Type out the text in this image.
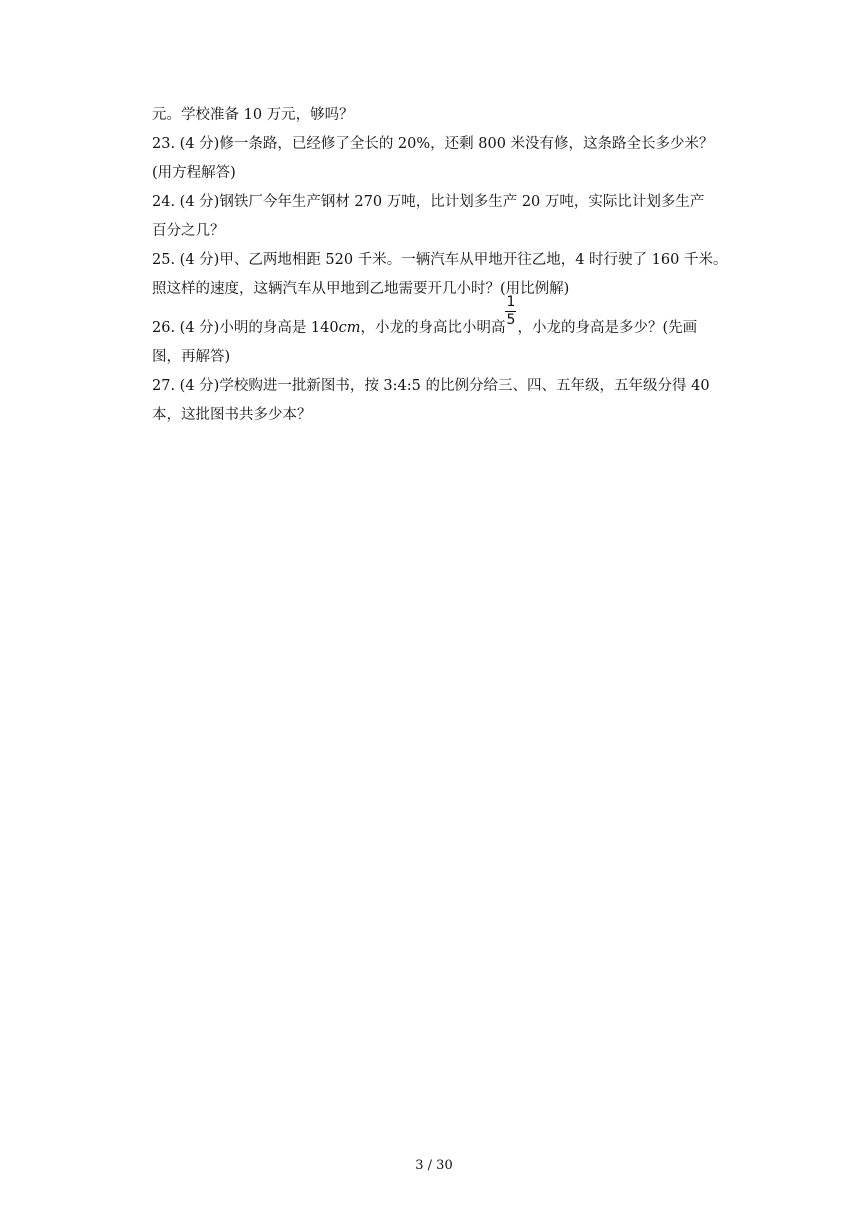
元。学校准备 10 万元，够吗？
23. (4 分)修一条路，已经修了全长的 20%，还剩 800 米没有修，这条路全长多少米？
(用方程解答)
24. (4 分)钢铁厂今年生产钢材 270 万吨，比计划多生产 20 万吨，实际比计划多生产
百分之几？
25. (4 分)甲、乙两地相距 520 千米。一辆汽车从甲地开往乙地，4 时行驶了 160 千米。
照这样的速度，这辆汽车从甲地到乙地需要开几小时？(用比例解)
26. (4 分)小明的身高是 140cm，小龙的身高比小明高 $\frac{1}{5}$ ，小龙的身高是多少？(先画
图，再解答)
27. (4 分)学校购进一批新图书，按 3:4:5 的比例分给三、四、五年级，五年级分得 40
本，这批图书共多少本？
3 / 30
